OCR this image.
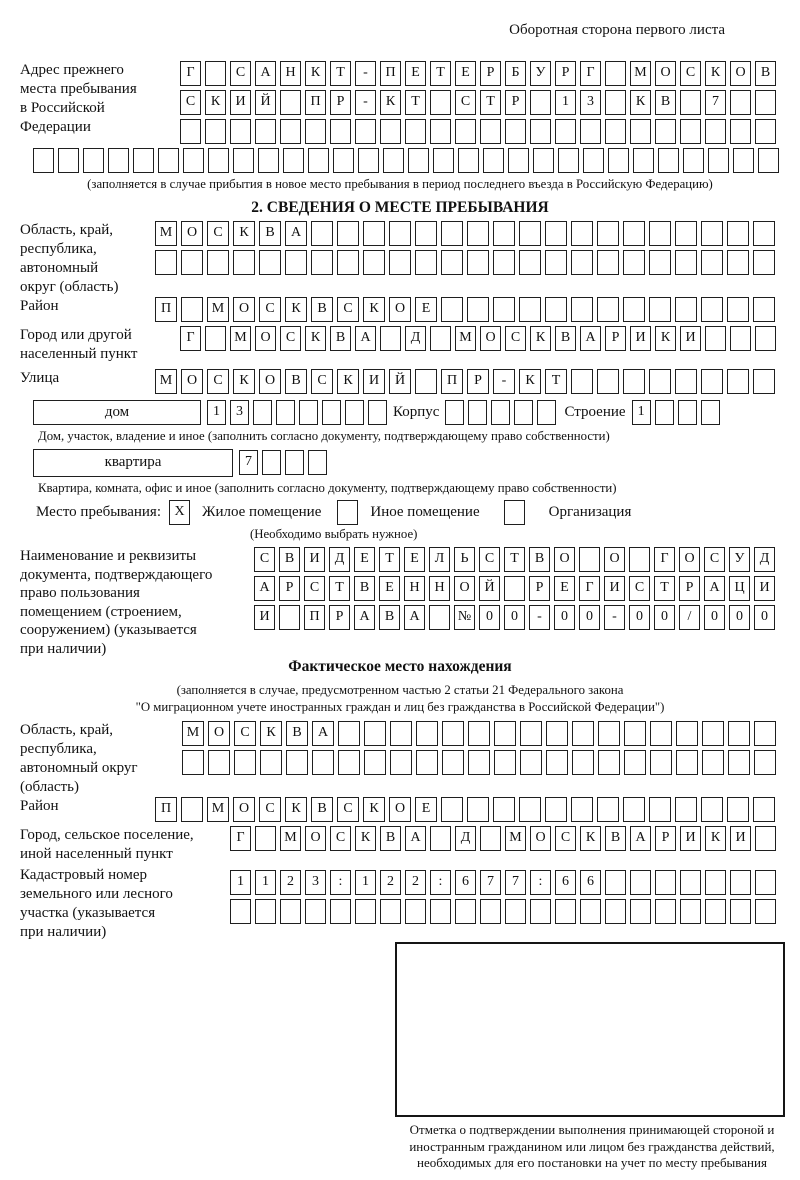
Оборотная сторона первого листа
Адрес прежнего
места пребывания
в Российской
Федерации
Г	С А Н К Т - П Е Т Е Р Б У Р Г	М О С К О В
С К И Й	П Р - К Т	С Т Р	1 3	К В	7
(заполняется в случае прибытия в новое место пребывания в период последнего въезда в Российскую Федерацию)
2. СВЕДЕНИЯ О МЕСТЕ ПРЕБЫВАНИЯ
Область, край,
республика,
автономный
округ (область)
М О С К В А
Район	П	М О С К В С К О Е
Город или другой
населенный пункт
Г	М О С К В А	Д	М О С К В А Р И К И
Улица	М О С К О В С К И Й	П Р - К Т
дом	1 3	Корпус	Строение 1
Дом, участок, владение и иное (заполнить согласно документу, подтверждающему право собственности)
квартира	7
Квартира, комната, офис и иное (заполнить согласно документу, подтверждающему право собственности)
Место пребывания: X	Жилое помещение	Иное помещение	Организация
(Необходимо выбрать нужное)
Наименование и реквизиты
документа, подтверждающего
право пользования
помещением (строением,
сооружением) (указывается
при наличии)
С В И Д Е Т Е Л Ь С Т В О	О	Г О С У Д
А Р С Т В Е Н Н О Й	Р Е Г И С Т Р А Ц И
И	П Р А В А	№ 0 0 - 0 0 - 0 0 / 0 0 0
Фактическое место нахождения
(заполняется в случае, предусмотренном частью 2 статьи 21 Федерального закона
"О миграционном учете иностранных граждан и лиц без гражданства в Российской Федерации")
Область, край,
республика,
автономный округ
(область)
М О С К В А
Район	П	М О С К В С К О Е
Город, сельское поселение,
иной населенный пункт
Г	М О С К В А	Д	М О С К В А Р И К И
Кадастровый номер
земельного или лесного
участка (указывается
при наличии)
1 1 2 3 : 1 2 2 : 6 7 7 : 6 6
Отметка о подтверждении выполнения принимающей стороной и иностранным гражданином или лицом без гражданства действий, необходимых для его постановки на учет по месту пребывания
